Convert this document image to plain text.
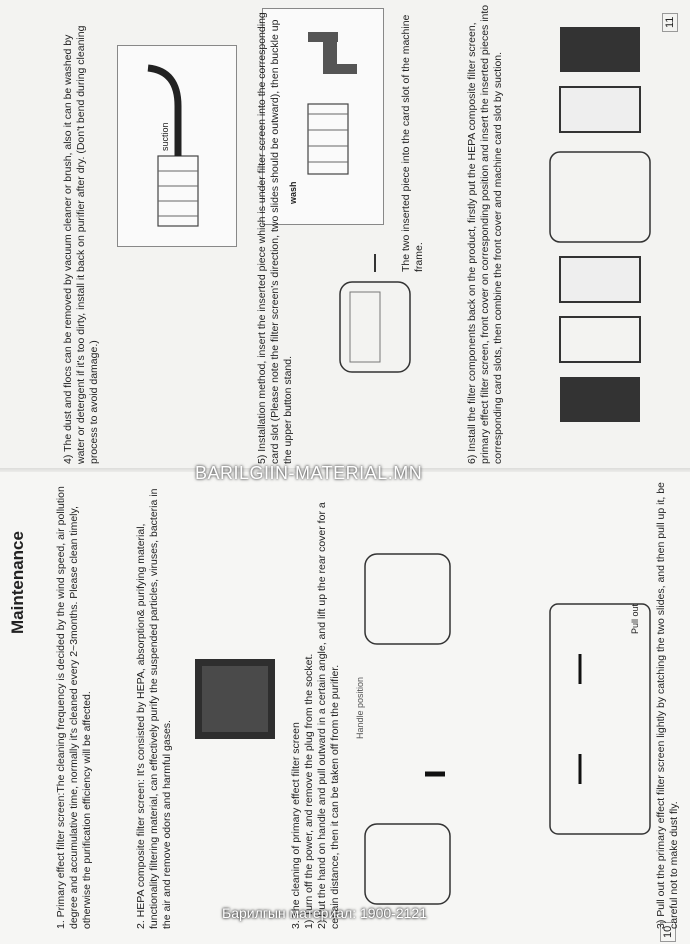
4) The dust and flocs can be removed by vacuum cleaner or brush, also it can be washed by water or detergent if it's too dirty, install it back on purifier after dry. (Don't bend during cleaning process to avoid damage.)

suction
wash

5) Installation method, insert the inserted piece which is under filter screen into the corresponding card slot (Please note the filter screen's direction, two slides should be outward), then buckle up the upper button stand.

The two inserted piece into the card slot of the machine frame.	6) Install the filter components back on the product, firstly put the HEPA composite filter screen, primary effect filter screen, front cover on corresponding position and insert the inserted pieces into corresponding card slots, then combine the front cover and machine card slot by suction.

11
10
Maintenance	1. Primary effect filter screen:The cleaning frequency is decided by the wind speed, air pollution degree and accumulative time, normally it's cleaned every 2~3months. Please clean timely, otherwise the purification efficiency will be affected.	2. HEPA composite filter screen: It's consisted by HEPA, absorption& purifying material, functionality filtering material, can effectively purify the suspended particles, viruses, bacteria in the air and remove odors and harmful gases.	3. The cleaning of primary effect filter screen 1) Turn off the power, and remove the plug from the socket. 2) Put the hand on handle and pull outward in a certain angle, and lift up the rear cover for a certain distance, then it can be taken off from the purifier. Handle position
Pull out 3) Pull out the primary effect filter screen lightly by catching the two slides, and then pull up it, be careful not to make dust fly.

BARILGIIN-MATERIAL.MN
Барилгын материал: 1900-2121
